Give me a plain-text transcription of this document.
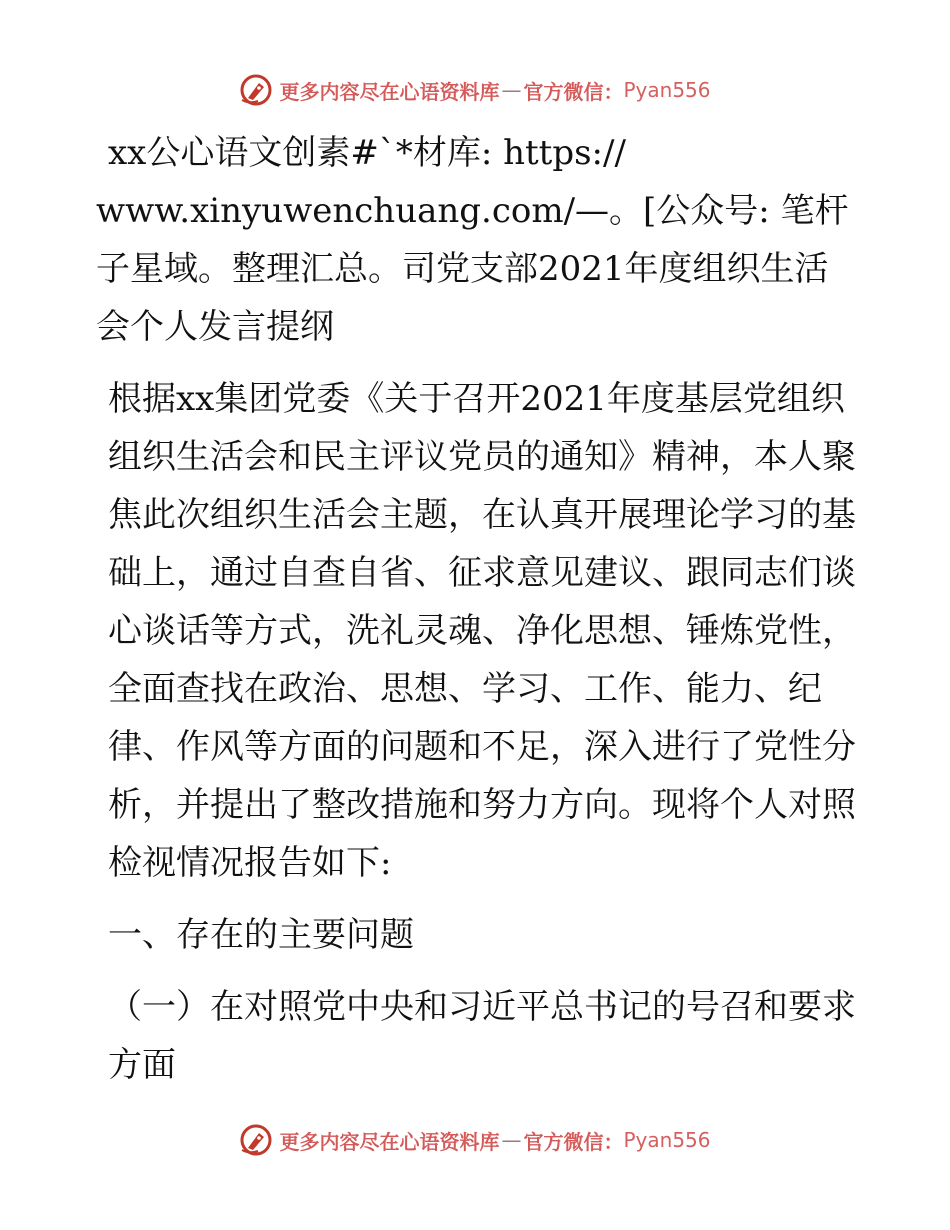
更多内容尽在心语资料库 — 官方微信： Pyan556

xx公心语文创素#`*材库: https://

www.xinyuwenchuang.com/—。[公众号: 笔杆子星域。整理汇总。司党支部2021年度组织生活会个人发言提纲

根据xx集团党委《关于召开2021年度基层党组织组织生活会和民主评议党员的通知》精神，本人聚焦此次组织生活会主题，在认真开展理论学习的基础上，通过自查自省、征求意见建议、跟同志们谈心谈话等方式，洗礼灵魂、净化思想、锤炼党性，全面查找在政治、思想、学习、工作、能力、纪律、作风等方面的问题和不足，深入进行了党性分析，并提出了整改措施和努力方向。现将个人对照检视情况报告如下:

一、存在的主要问题

（一）在对照党中央和习近平总书记的号召和要求方面

更多内容尽在心语资料库 — 官方微信： Pyan556
